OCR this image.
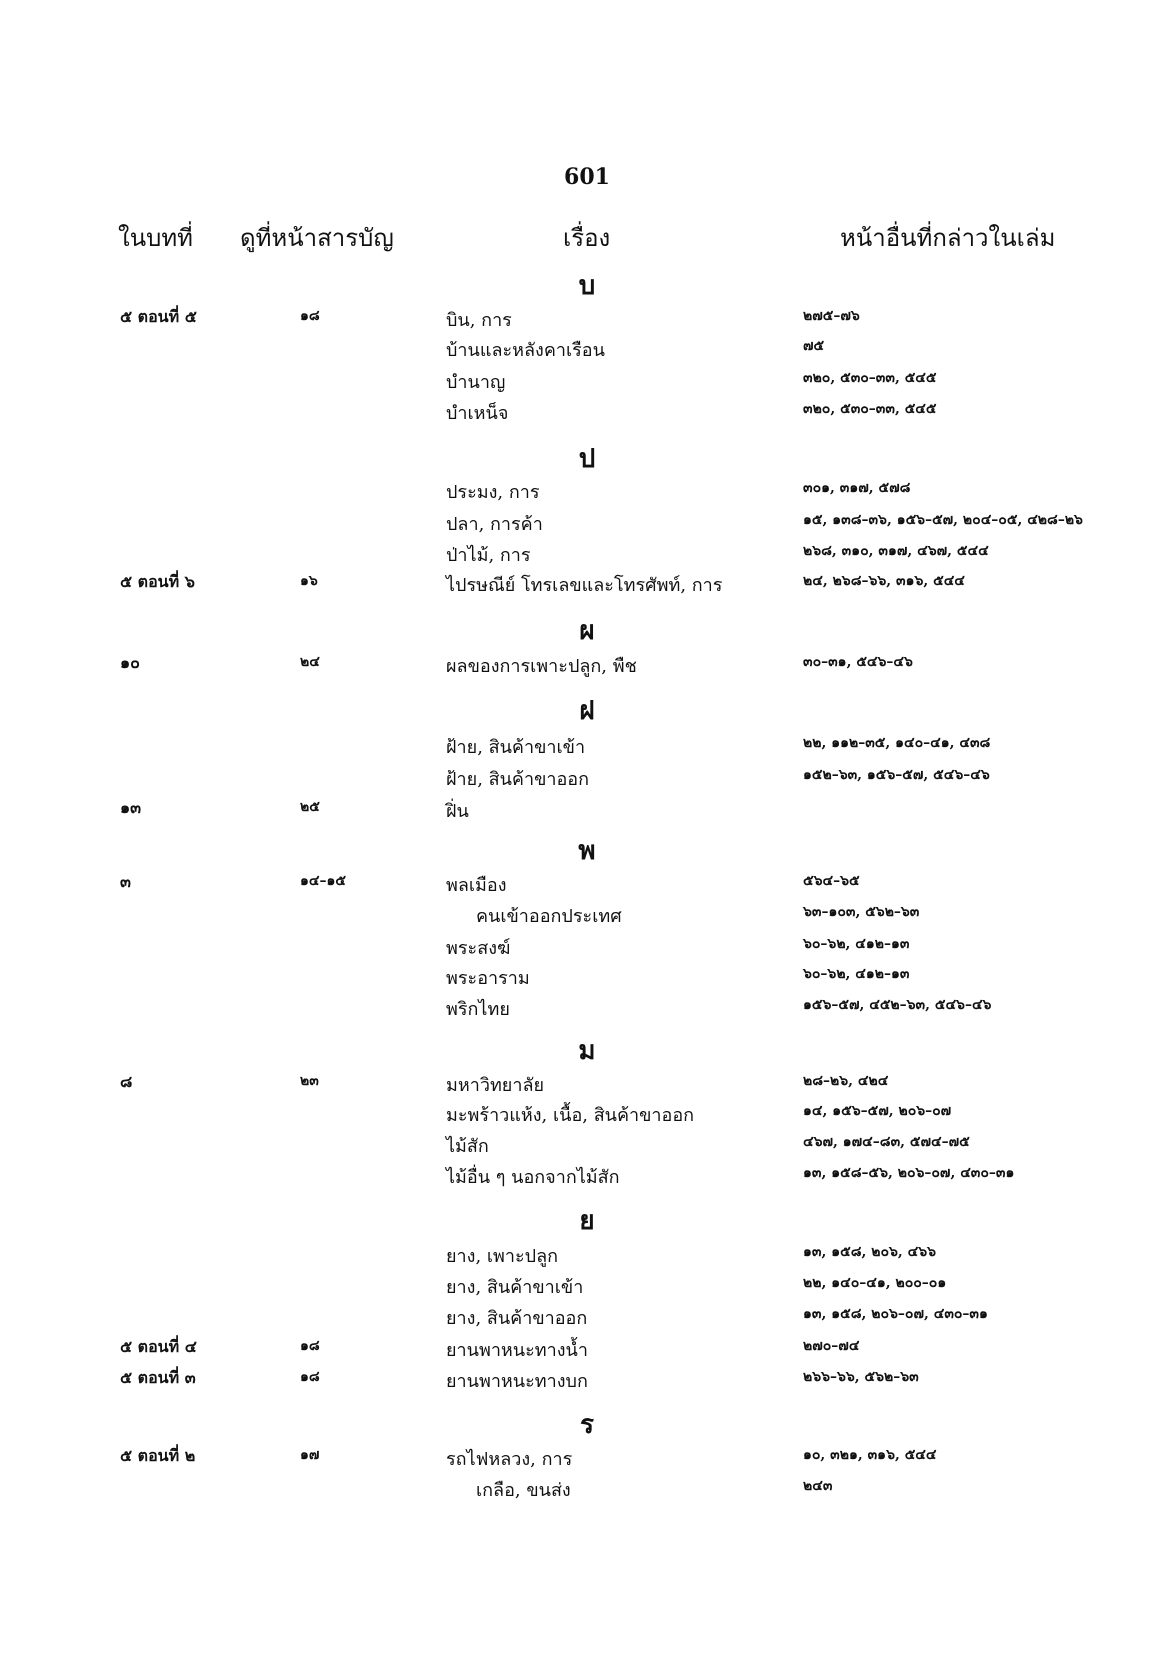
601
ในบทที่ ดูที่หน้าสารบัญ	เรื่อง	หน้าอื่นที่กล่าวในเล่ม
บ
๕ ตอนที่ ๕	๑๘	บิน, การ	๒๗๕–๗๖
บ้านและหลังคาเรือน	๗๕
บำนาญ	๓๒๐, ๕๓๐–๓๓, ๕๔๕
บำเหน็จ	๓๒๐, ๕๓๐–๓๓, ๕๔๕
ป
ประมง, การ	๓๐๑, ๓๑๗, ๕๗๘
ปลา, การค้า	๑๕, ๑๓๘–๓๖, ๑๕๖–๕๗, ๒๐๔–๐๕, ๔๒๘–๒๖
ป่าไม้, การ	๒๖๘, ๓๑๐, ๓๑๗, ๔๖๗, ๕๔๔
๕ ตอนที่ ๖	๑๖	ไปรษณีย์ โทรเลขและโทรศัพท์, การ	๒๔, ๒๖๘–๖๖, ๓๑๖, ๕๔๔
ผ
๑๐	๒๔	ผลของการเพาะปลูก, พืช	๓๐–๓๑, ๕๔๖–๔๖
ฝ
ฝ้าย, สินค้าขาเข้า	๒๒, ๑๑๒–๓๕, ๑๔๐–๔๑, ๔๓๘
ฝ้าย, สินค้าขาออก	๑๕๒–๖๓, ๑๕๖–๕๗, ๕๔๖–๔๖
๑๓	๒๕	ฝิ่น
พ
๓	๑๔–๑๕	พลเมือง	๕๖๔–๖๕
คนเข้าออกประเทศ	๖๓–๑๐๓, ๕๖๒–๖๓
พระสงฆ์	๖๐–๖๒, ๔๑๒–๑๓
พระอาราม	๖๐–๖๒, ๔๑๒–๑๓
พริกไทย	๑๕๖–๕๗, ๔๕๒–๖๓, ๕๔๖–๔๖
ม
๘	๒๓	มหาวิทยาลัย	๒๘–๒๖, ๔๒๔
มะพร้าวแห้ง, เนื้อ, สินค้าขาออก	๑๔, ๑๕๖–๕๗, ๒๐๖–๐๗
ไม้สัก	๔๖๗, ๑๗๔–๘๓, ๕๗๔–๗๕
ไม้อื่น ๆ นอกจากไม้สัก	๑๓, ๑๕๘–๕๖, ๒๐๖–๐๗, ๔๓๐–๓๑
ย
ยาง, เพาะปลูก	๑๓, ๑๕๘, ๒๐๖, ๔๖๖
ยาง, สินค้าขาเข้า	๒๒, ๑๔๐–๔๑, ๒๐๐–๐๑
ยาง, สินค้าขาออก	๑๓, ๑๕๘, ๒๐๖–๐๗, ๔๓๐–๓๑
๕ ตอนที่ ๔	๑๘	ยานพาหนะทางน้ำ	๒๗๐–๗๔
๕ ตอนที่ ๓	๑๘	ยานพาหนะทางบก	๒๖๖–๖๖, ๕๖๒–๖๓
ร
๕ ตอนที่ ๒	๑๗	รถไฟหลวง, การ	๑๐, ๓๒๑, ๓๑๖, ๕๔๔
เกลือ, ขนส่ง	๒๔๓
